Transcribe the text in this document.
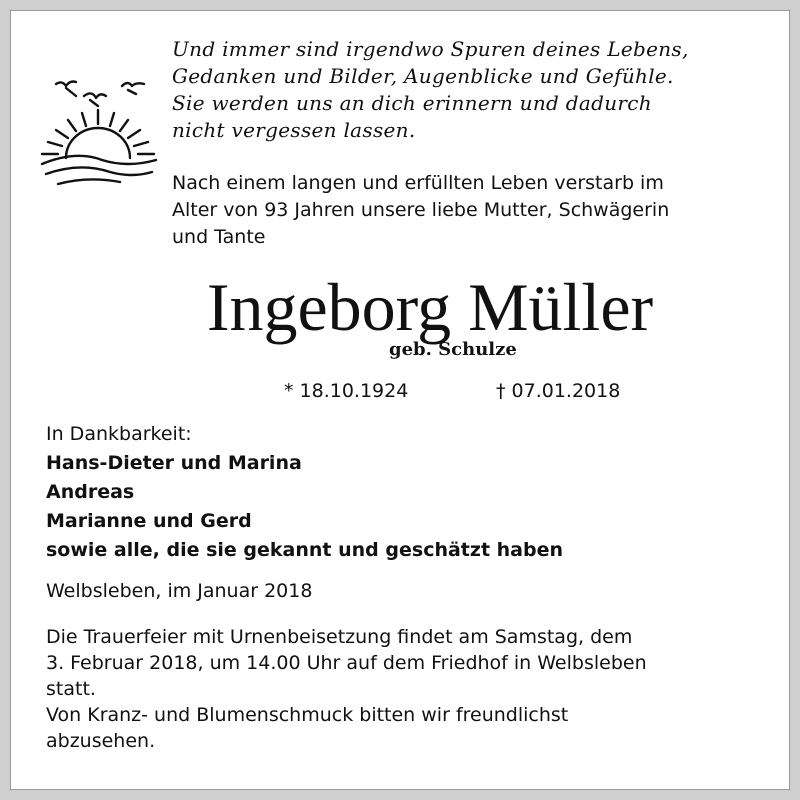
Und immer sind irgendwo Spuren deines Lebens,
Gedanken und Bilder, Augenblicke und Gefühle.
Sie werden uns an dich erinnern und dadurch
nicht vergessen lassen.
Nach einem langen und erfüllten Leben verstarb im
Alter von 93 Jahren unsere liebe Mutter, Schwägerin
und Tante
Ingeborg Müller
geb. Schulze
* 18.10.1924	† 07.01.2018
In Dankbarkeit:
Hans-Dieter und Marina
Andreas
Marianne und Gerd
sowie alle, die sie gekannt und geschätzt haben
Welbsleben, im Januar 2018
Die Trauerfeier mit Urnenbeisetzung findet am Samstag, dem
3. Februar 2018, um 14.00 Uhr auf dem Friedhof in Welbsleben
statt.
Von Kranz- und Blumenschmuck bitten wir freundlichst
abzusehen.
